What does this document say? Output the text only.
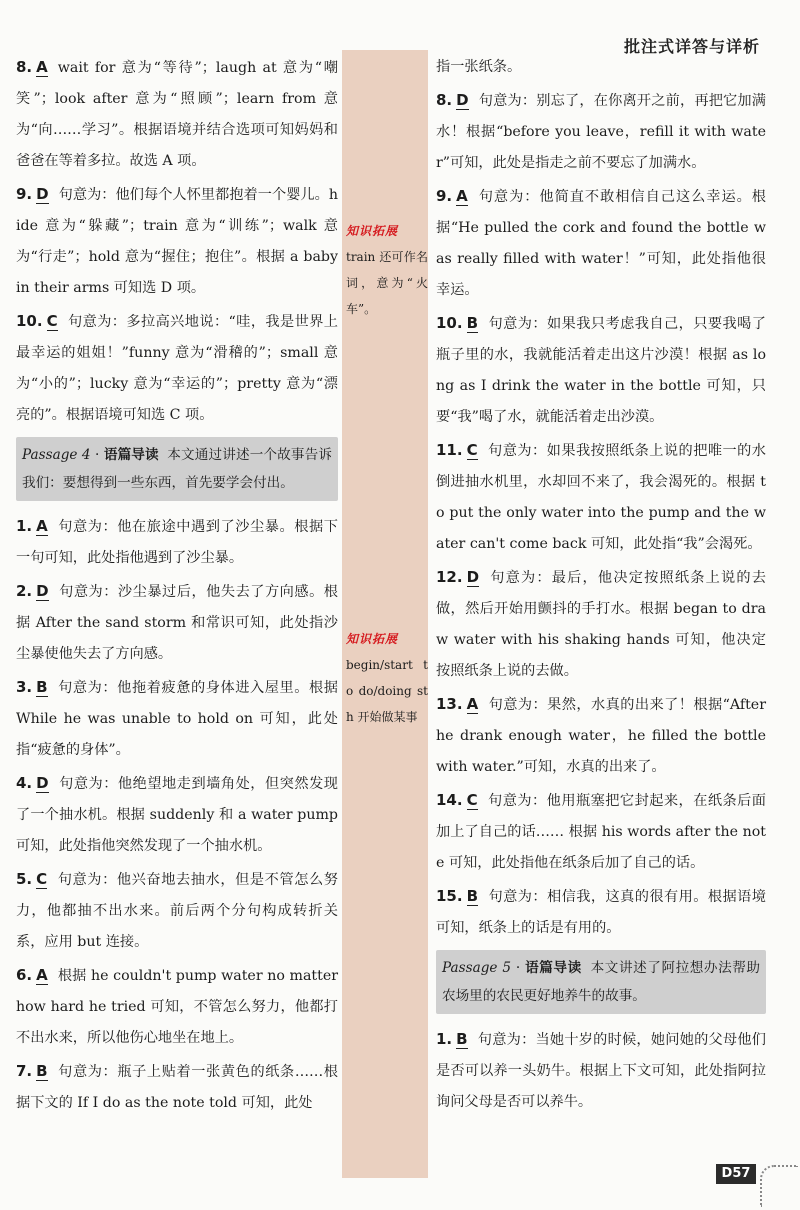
批注式详答与详析
8. A wait for 意为“等待”；laugh at 意为“嘲笑”；look after 意为“照顾”；learn from 意为“向……学习”。根据语境并结合选项可知妈妈和爸爸在等着多拉。故选 A 项。
9. D 句意为：他们每个人怀里都抱着一个婴儿。hide 意为“躲藏”；train 意为“训练”；walk 意为“行走”；hold 意为“握住；抱住”。根据 a baby in their arms 可知选 D 项。
10. C 句意为：多拉高兴地说：“哇，我是世界上最幸运的姐姐！”funny 意为“滑稽的”；small 意为“小的”；lucky 意为“幸运的”；pretty 意为“漂亮的”。根据语境可知选 C 项。
Passage 4 · 语篇导读 本文通过讲述一个故事告诉我们：要想得到一些东西，首先要学会付出。
1. A 句意为：他在旅途中遇到了沙尘暴。根据下一句可知，此处指他遇到了沙尘暴。
2. D 句意为：沙尘暴过后，他失去了方向感。根据 After the sand storm 和常识可知，此处指沙尘暴使他失去了方向感。
3. B 句意为：他拖着疲惫的身体进入屋里。根据 While he was unable to hold on 可知，此处指“疲惫的身体”。
4. D 句意为：他绝望地走到墙角处，但突然发现了一个抽水机。根据 suddenly 和 a water pump 可知，此处指他突然发现了一个抽水机。
5. C 句意为：他兴奋地去抽水，但是不管怎么努力，他都抽不出水来。前后两个分句构成转折关系，应用 but 连接。
6. A 根据 he couldn't pump water no matter how hard he tried 可知，不管怎么努力，他都打不出水来，所以他伤心地坐在地上。
7. B 句意为：瓶子上贴着一张黄色的纸条……根据下文的 If I do as the note told 可知，此处
指一张纸条。
8. D 句意为：别忘了，在你离开之前，再把它加满水！根据“before you leave，refill it with water”可知，此处是指走之前不要忘了加满水。
9. A 句意为：他简直不敢相信自己这么幸运。根据“He pulled the cork and found the bottle was really filled with water！”可知，此处指他很幸运。
10. B 句意为：如果我只考虑我自己，只要我喝了瓶子里的水，我就能活着走出这片沙漠！根据 as long as I drink the water in the bottle 可知，只要“我”喝了水，就能活着走出沙漠。
11. C 句意为：如果我按照纸条上说的把唯一的水倒进抽水机里，水却回不来了，我会渴死的。根据 to put the only water into the pump and the water can't come back 可知，此处指“我”会渴死。
12. D 句意为：最后，他决定按照纸条上说的去做，然后开始用颤抖的手打水。根据 began to draw water with his shaking hands 可知，他决定按照纸条上说的去做。
13. A 句意为：果然，水真的出来了！根据“After he drank enough water，he filled the bottle with water.”可知，水真的出来了。
14. C 句意为：他用瓶塞把它封起来，在纸条后面加上了自己的话…… 根据 his words after the note 可知，此处指他在纸条后加了自己的话。
15. B 句意为：相信我，这真的很有用。根据语境可知，纸条上的话是有用的。
Passage 5 · 语篇导读 本文讲述了阿拉想办法帮助农场里的农民更好地养牛的故事。
1. B 句意为：当她十岁的时候，她问她的父母他们是否可以养一头奶牛。根据上下文可知，此处指阿拉询问父母是否可以养牛。
知识拓展
train 还可作名词，意为“火车”。
知识拓展
begin/start to do/doing sth 开始做某事
D57
